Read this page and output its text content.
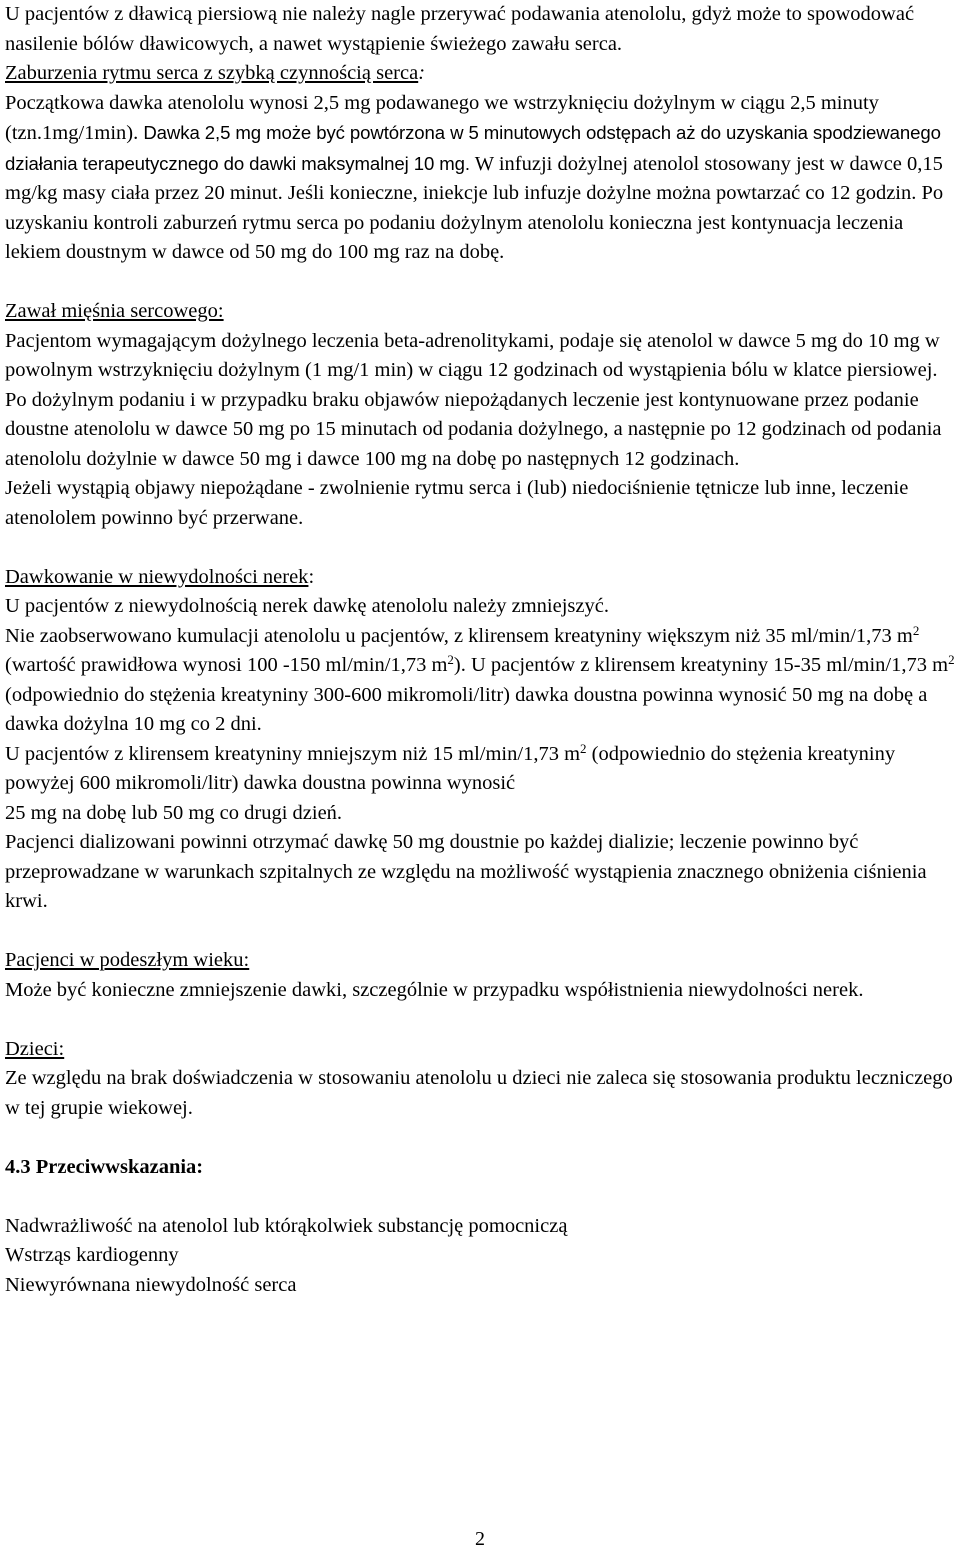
U pacjentów z dławicą piersiową nie należy nagle przerywać podawania atenololu, gdyż może to spowodować nasilenie bólów dławicowych, a nawet wystąpienie świeżego zawału serca.

Zaburzenia rytmu serca z szybką czynnością serca:

Początkowa dawka atenololu wynosi 2,5 mg podawanego we wstrzyknięciu dożylnym w ciągu 2,5 minuty (tzn.1mg/1min). Dawka 2,5 mg może być powtórzona w 5 minutowych odstępach aż do uzyskania spodziewanego działania terapeutycznego do dawki maksymalnej 10 mg. W infuzji dożylnej atenolol stosowany jest w dawce 0,15 mg/kg masy ciała przez 20 minut. Jeśli konieczne, iniekcje lub infuzje dożylne można powtarzać co 12 godzin. Po uzyskaniu kontroli zaburzeń rytmu serca po podaniu dożylnym atenololu konieczna jest kontynuacja leczenia lekiem doustnym w dawce od 50 mg do 100 mg raz na dobę.

Zawał mięśnia sercowego:

Pacjentom wymagającym dożylnego leczenia beta-adrenolitykami, podaje się atenolol w dawce 5 mg do 10 mg w powolnym wstrzyknięciu dożylnym (1 mg/1 min) w ciągu 12 godzinach od wystąpienia bólu w klatce piersiowej. Po dożylnym podaniu i w przypadku braku objawów niepożądanych leczenie jest kontynuowane przez podanie doustne atenololu w dawce 50 mg po 15 minutach od podania dożylnego, a następnie po 12 godzinach od podania atenololu dożylnie w dawce 50 mg i dawce 100 mg na dobę po następnych 12 godzinach.

Jeżeli wystąpią objawy niepożądane - zwolnienie rytmu serca i (lub) niedociśnienie tętnicze lub inne, leczenie atenololem powinno być przerwane.

Dawkowanie w niewydolności nerek:

U pacjentów z niewydolnością nerek dawkę atenololu należy zmniejszyć.

Nie zaobserwowano kumulacji atenololu u pacjentów, z klirensem kreatyniny większym niż 35 ml/min/1,73 $m^2$ (wartość prawidłowa wynosi 100 -150 ml/min/1,73 $m^2$). U pacjentów z klirensem kreatyniny 15-35 ml/min/1,73 $m^2$ (odpowiednio do stężenia kreatyniny 300-600 mikromoli/litr) dawka doustna powinna wynosić 50 mg na dobę a dawka dożylna 10 mg co 2 dni.

U pacjentów z klirensem kreatyniny mniejszym niż 15 ml/min/1,73 $m^2$ (odpowiednio do stężenia kreatyniny powyżej 600 mikromoli/litr) dawka doustna powinna wynosić
25 mg na dobę lub 50 mg co drugi dzień.

Pacjenci dializowani powinni otrzymać dawkę 50 mg doustnie po każdej dializie; leczenie powinno być przeprowadzane w warunkach szpitalnych ze względu na możliwość wystąpienia znacznego obniżenia ciśnienia krwi.

Pacjenci w podeszłym wieku:

Może być konieczne zmniejszenie dawki, szczególnie w przypadku współistnienia niewydolności nerek.

Dzieci:

Ze względu na brak doświadczenia w stosowaniu atenololu u dzieci nie zaleca się stosowania produktu leczniczego w tej grupie wiekowej.

4.3 Przeciwwskazania:

Nadwrażliwość na atenolol lub którąkolwiek substancję pomocniczą

Wstrząs kardiogenny

Niewyrównana niewydolność serca

2
